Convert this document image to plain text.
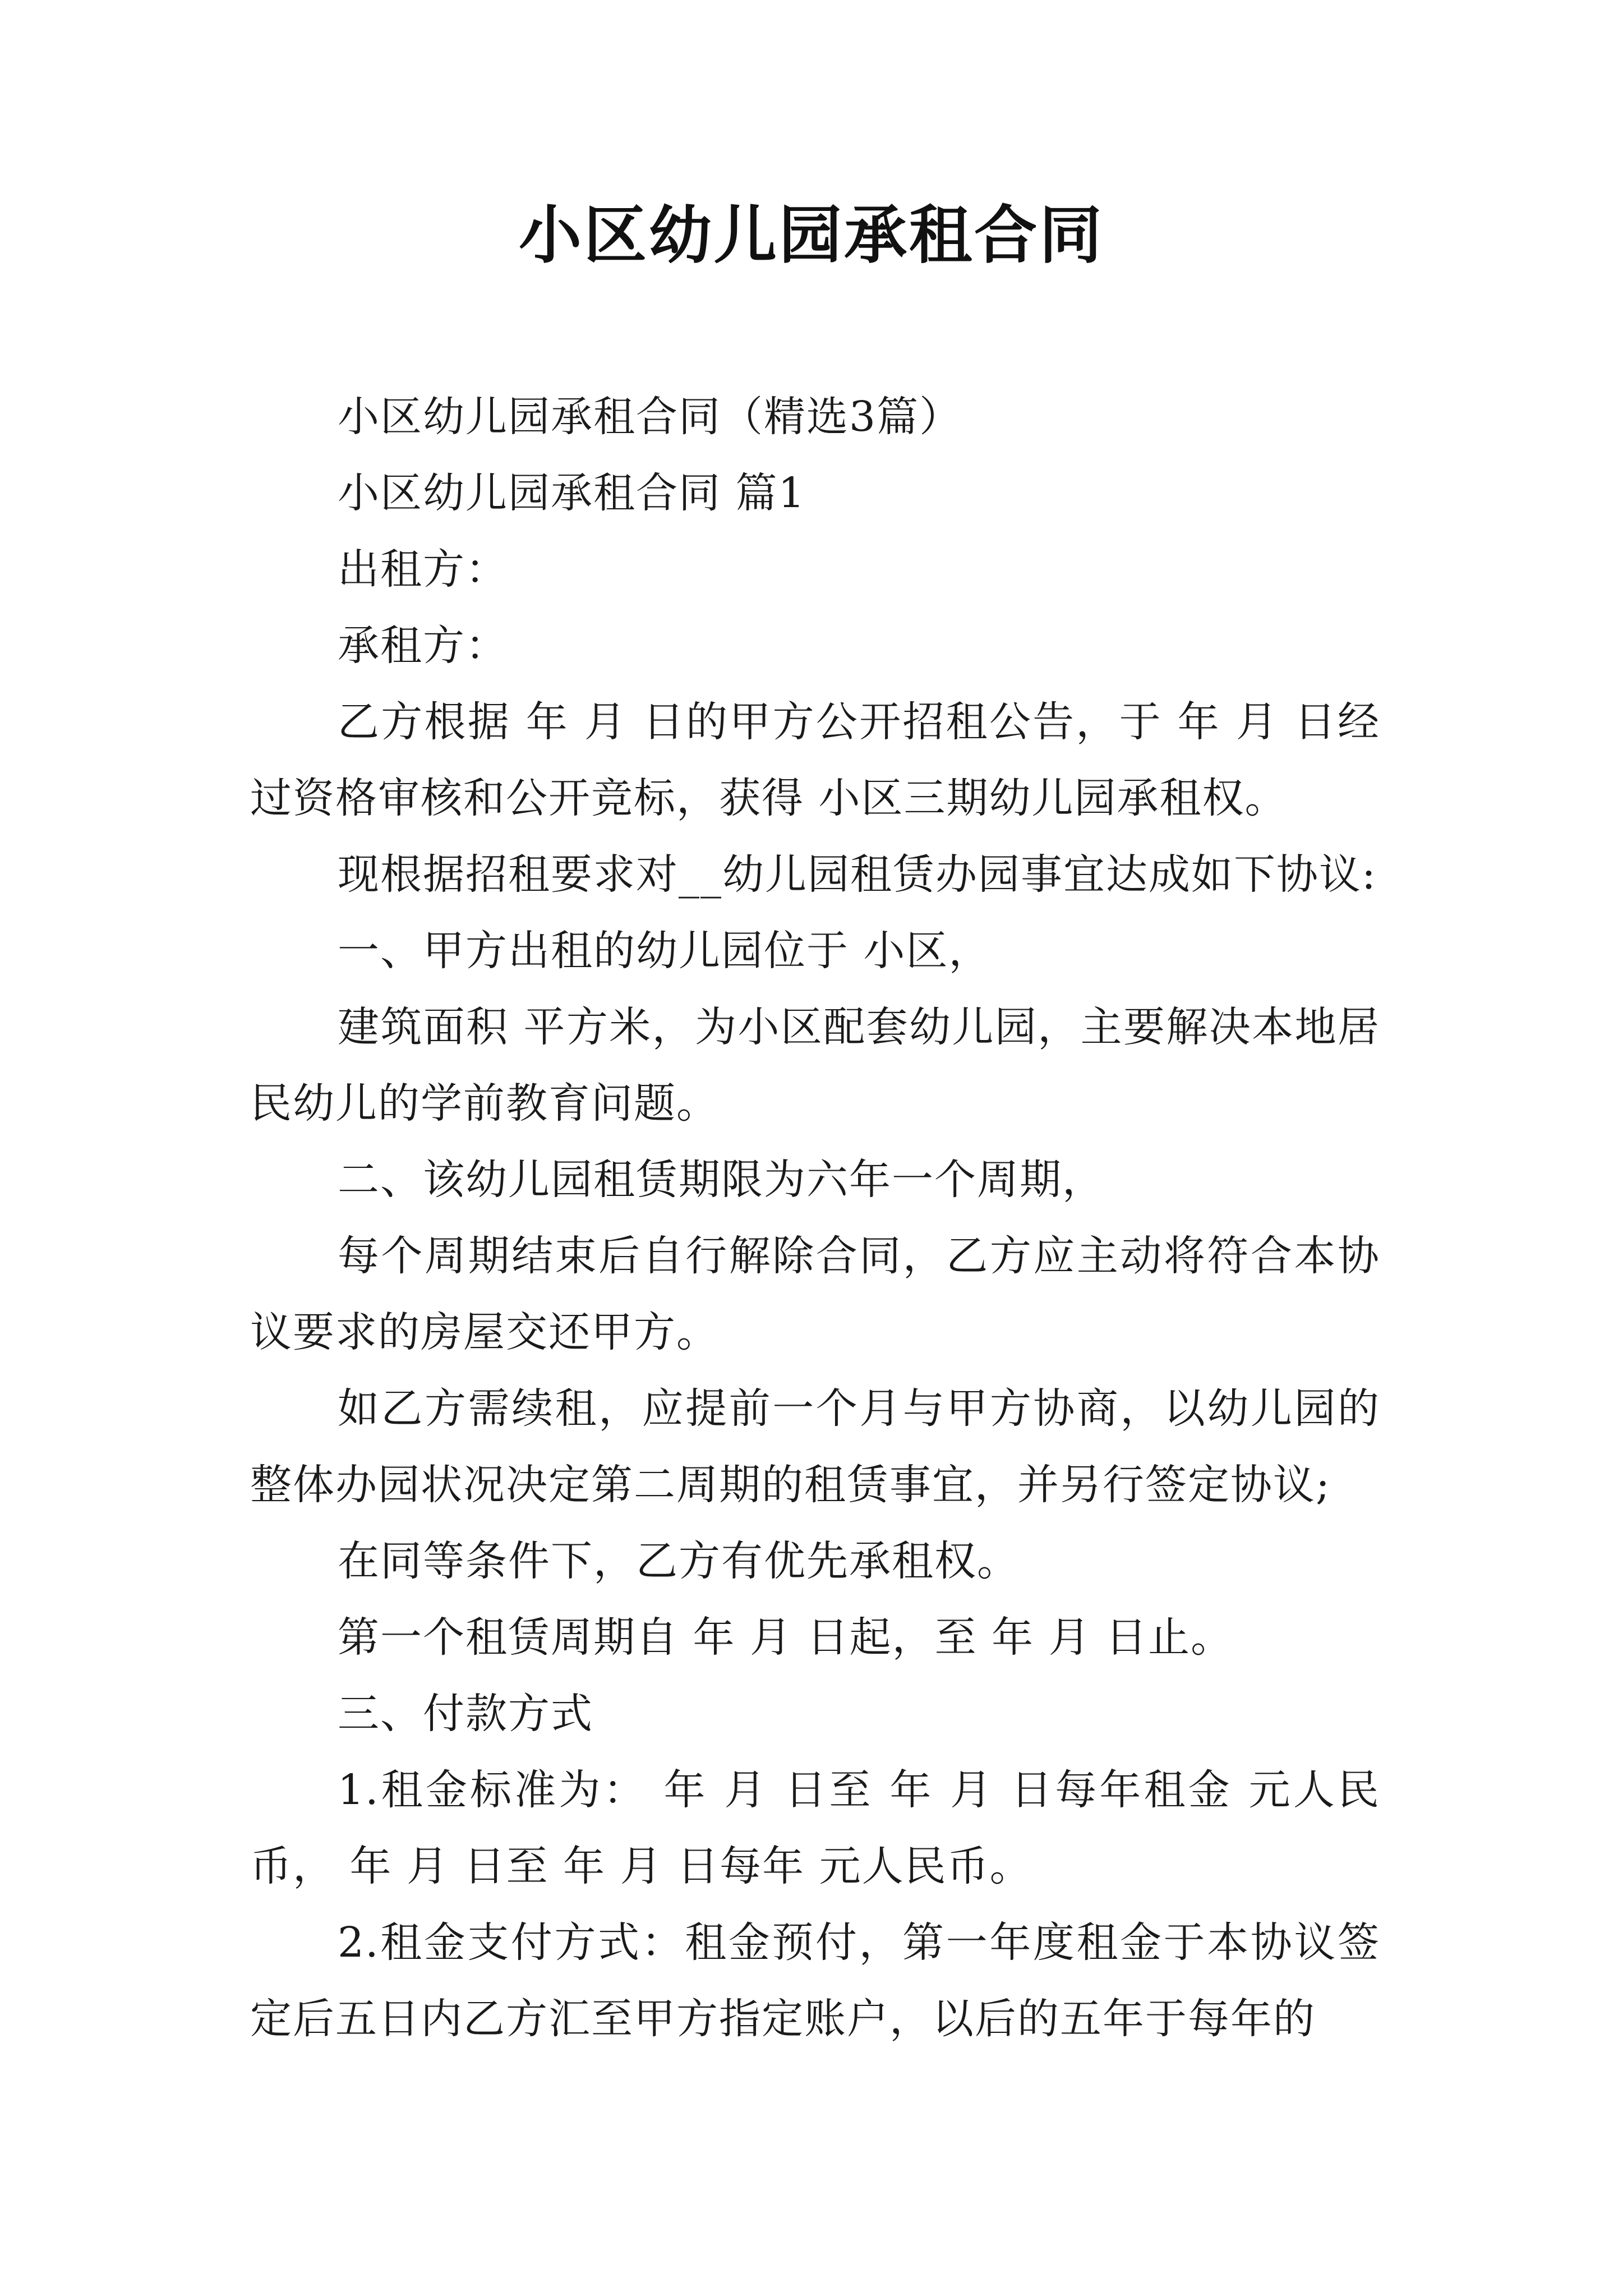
小区幼儿园承租合同

小区幼儿园承租合同（精选3篇）

小区幼儿园承租合同 篇1

出租方：

承租方：

乙方根据 年 月 日的甲方公开招租公告，于 年 月 日经过资格审核和公开竞标，获得 小区三期幼儿园承租权。

现根据招租要求对__幼儿园租赁办园事宜达成如下协议:

一、甲方出租的幼儿园位于 小区，

建筑面积 平方米，为小区配套幼儿园，主要解决本地居民幼儿的学前教育问题。

二、该幼儿园租赁期限为六年一个周期，

每个周期结束后自行解除合同，乙方应主动将符合本协议要求的房屋交还甲方。

如乙方需续租，应提前一个月与甲方协商，以幼儿园的整体办园状况决定第二周期的租赁事宜，并另行签定协议;

在同等条件下，乙方有优先承租权。

第一个租赁周期自 年 月 日起，至 年 月 日止。

三、付款方式

1.租金标准为： 年 月 日至 年 月 日每年租金 元人民币， 年 月 日至 年 月 日每年 元人民币。

2.租金支付方式：租金预付，第一年度租金于本协议签定后五日内乙方汇至甲方指定账户，以后的五年于每年的
